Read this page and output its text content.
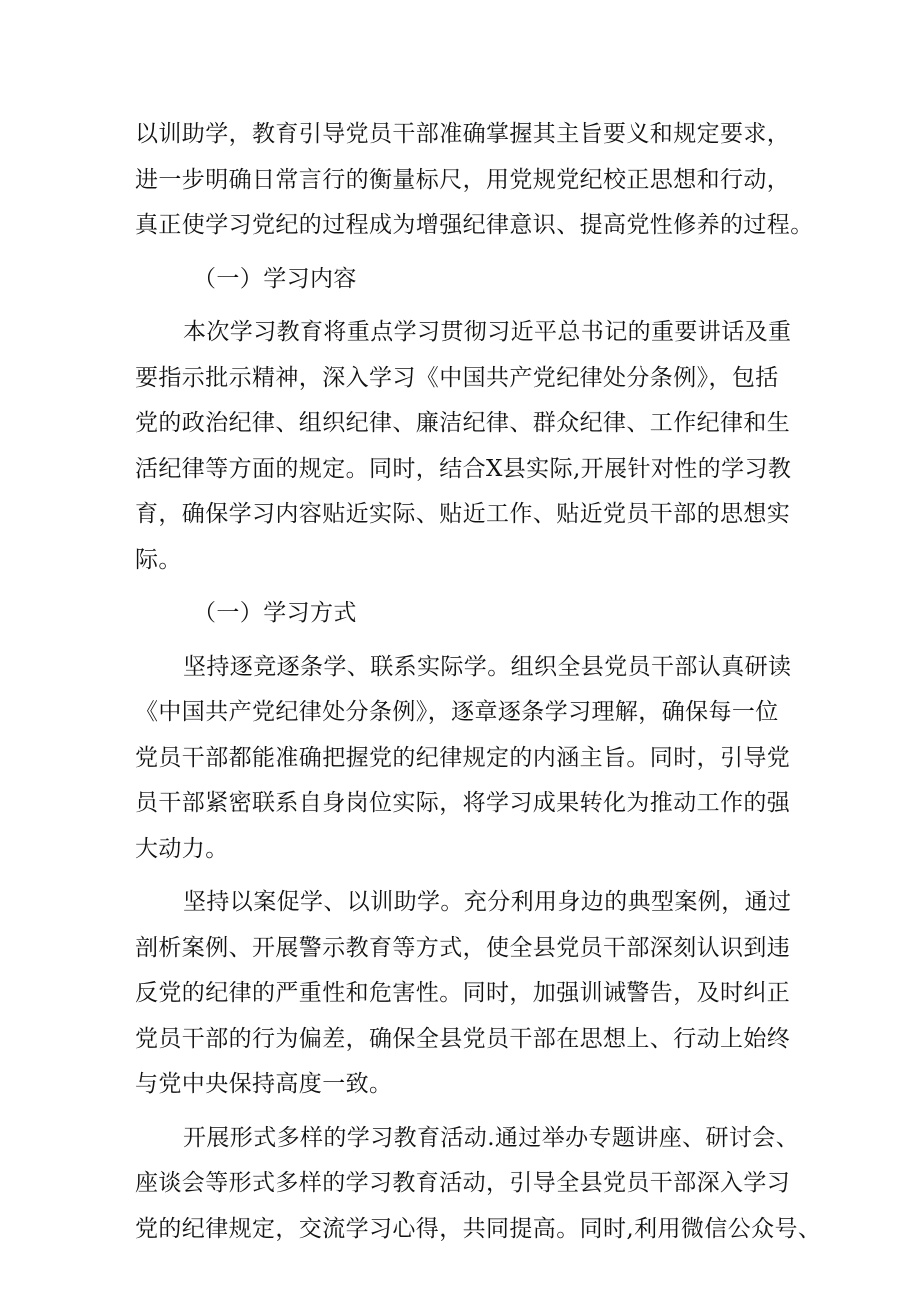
以训助学，教育引导党员干部准确掌握其主旨要义和规定要求，
进一步明确日常言行的衡量标尺，用党规党纪校正思想和行动，
真正使学习党纪的过程成为增强纪律意识、提高党性修养的过程。
（一）学习内容
本次学习教育将重点学习贯彻习近平总书记的重要讲话及重
要指示批示精神，深入学习《中国共产党纪律处分条例》，包括
党的政治纪律、组织纪律、廉洁纪律、群众纪律、工作纪律和生
活纪律等方面的规定。同时，结合X县实际,开展针对性的学习教
育，确保学习内容贴近实际、贴近工作、贴近党员干部的思想实
际。
（一）学习方式
坚持逐竞逐条学、联系实际学。组织全县党员干部认真研读
《中国共产党纪律处分条例》，逐章逐条学习理解，确保每一位
党员干部都能准确把握党的纪律规定的内涵主旨。同时，引导党
员干部紧密联系自身岗位实际，将学习成果转化为推动工作的强
大动力。
坚持以案促学、以训助学。充分利用身边的典型案例，通过
剖析案例、开展警示教育等方式，使全县党员干部深刻认识到违
反党的纪律的严重性和危害性。同时，加强训诫警告，及时纠正
党员干部的行为偏差，确保全县党员干部在思想上、行动上始终
与党中央保持高度一致。
开展形式多样的学习教育活动.通过举办专题讲座、研讨会、
座谈会等形式多样的学习教育活动，引导全县党员干部深入学习
党的纪律规定，交流学习心得，共同提高。同时,利用微信公众号、
